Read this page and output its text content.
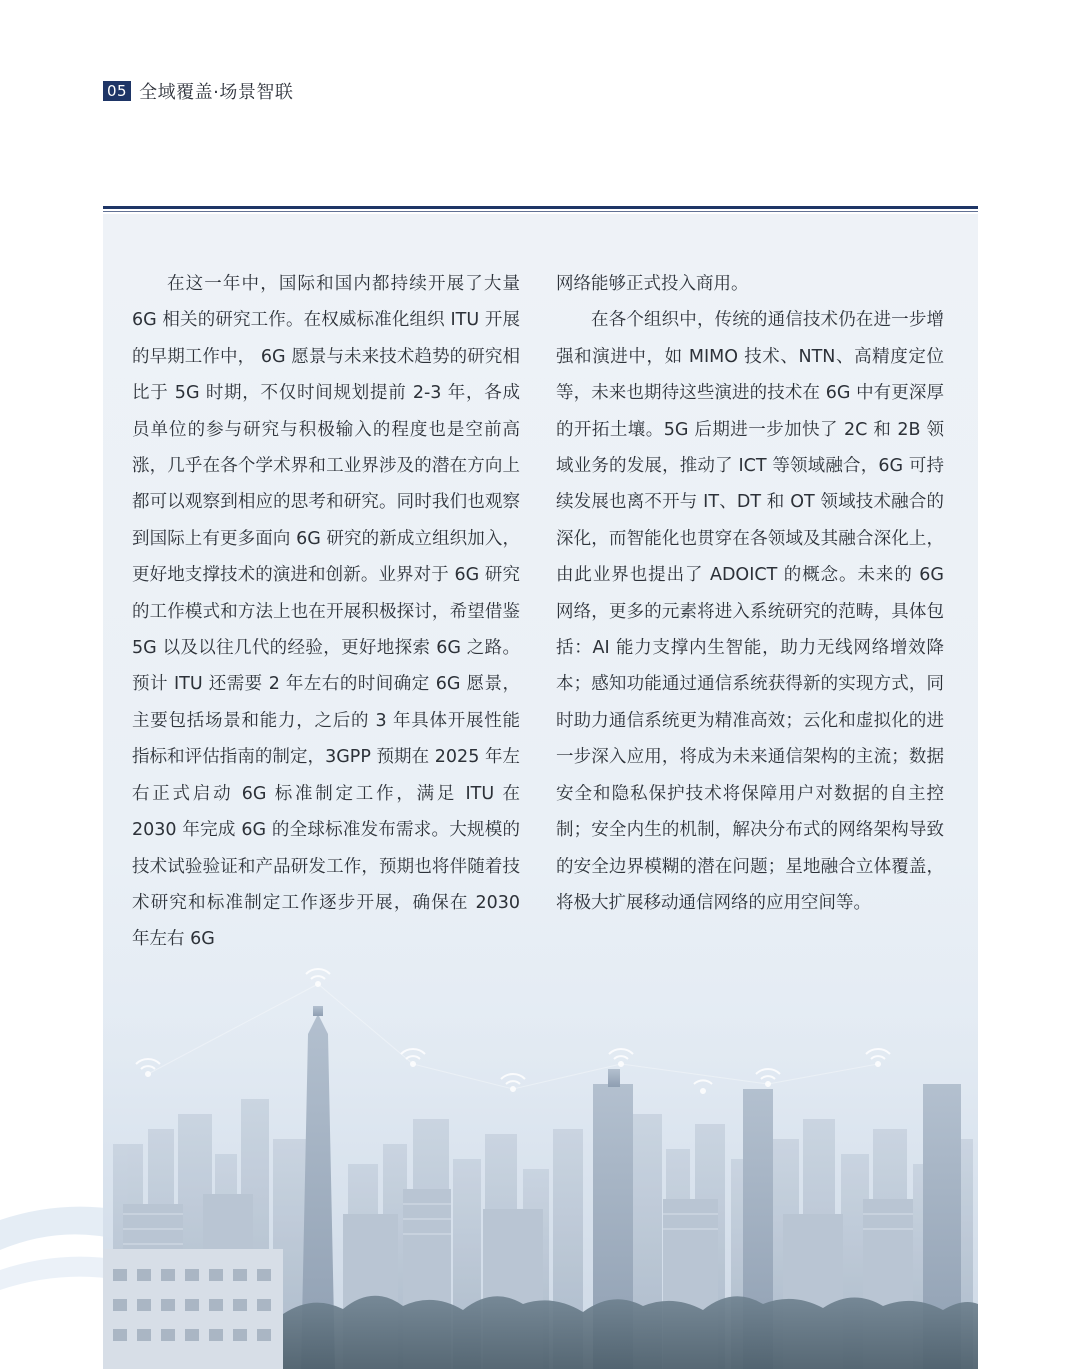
05 全域覆盖·场景智联

在这一年中，国际和国内都持续开展了大量 6G 相关的研究工作。在权威标准化组织 ITU 开展的早期工作中， 6G 愿景与未来技术趋势的研究相比于 5G 时期，不仅时间规划提前 2-3 年，各成员单位的参与研究与积极输入的程度也是空前高涨，几乎在各个学术界和工业界涉及的潜在方向上都可以观察到相应的思考和研究。同时我们也观察到国际上有更多面向 6G 研究的新成立组织加入，更好地支撑技术的演进和创新。业界对于 6G 研究的工作模式和方法上也在开展积极探讨，希望借鉴 5G 以及以往几代的经验，更好地探索 6G 之路。预计 ITU 还需要 2 年左右的时间确定 6G 愿景，主要包括场景和能力，之后的 3 年具体开展性能指标和评估指南的制定，3GPP 预期在 2025 年左右正式启动 6G 标准制定工作，满足 ITU 在 2030 年完成 6G 的全球标准发布需求。大规模的技术试验验证和产品研发工作，预期也将伴随着技术研究和标准制定工作逐步开展，确保在 2030 年左右 6G

网络能够正式投入商用。

在各个组织中，传统的通信技术仍在进一步增强和演进中，如 MIMO 技术、NTN、高精度定位等，未来也期待这些演进的技术在 6G 中有更深厚的开拓土壤。5G 后期进一步加快了 2C 和 2B 领域业务的发展，推动了 ICT 等领域融合，6G 可持续发展也离不开与 IT、DT 和 OT 领域技术融合的深化，而智能化也贯穿在各领域及其融合深化上，由此业界也提出了 ADOICT 的概念。未来的 6G 网络，更多的元素将进入系统研究的范畴，具体包括：AI 能力支撑内生智能，助力无线网络增效降本；感知功能通过通信系统获得新的实现方式，同时助力通信系统更为精准高效；云化和虚拟化的进一步深入应用，将成为未来通信架构的主流；数据安全和隐私保护技术将保障用户对数据的自主控制；安全内生的机制，解决分布式的网络架构导致的安全边界模糊的潜在问题；星地融合立体覆盖，将极大扩展移动通信网络的应用空间等。
